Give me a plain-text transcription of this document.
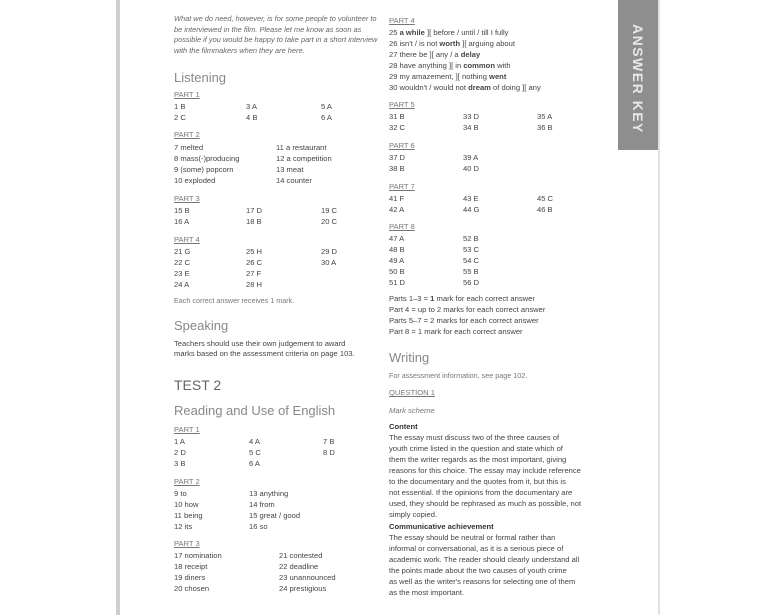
ANSWER KEY
What we do need, however, is for some people to volunteer to be interviewed in the film. Please let me know as soon as possible if you would be happy to take part in a short interview with the filmmakers when they are here.
Listening
PART 1
1 B
2 C
3 A
4 B
5 A
6 A
PART 2
7 melted
8 mass(-)producing
9 (some) popcorn
10 exploded
11 a restaurant
12 a competition
13 meat
14 counter
PART 3
15 B
16 A
17 D
18 B
19 C
20 C
PART 4
21 G
22 C
23 E
24 A
25 H
26 C
27 F
28 H
29 D
30 A
Each correct answer receives 1 mark.
Speaking
Teachers should use their own judgement to award
marks based on the assessment criteria on page 103.
TEST 2
Reading and Use of English
PART 1
1 A
2 D
3 B
4 A
5 C
6 A
7 B
8 D
PART 2
9 to
10 how
11 being
12 its
13 anything
14 from
15 great / good
16 so
PART 3
17 nomination
18 receipt
19 diners
20 chosen
21 contested
22 deadline
23 unannounced
24 prestigious
PART 4
25 a while ][ before / until / till I fully
26 isn't / is not worth ][ arguing about
27 there be ][ any / a delay
28 have anything ][ in common with
29 my amazement, ][ nothing went
30 wouldn't / would not dream of doing ][ any
PART 5
31 B
32 C
33 D
34 B
35 A
36 B
PART 6
37 D
38 B
39 A
40 D
PART 7
41 F
42 A
43 E
44 G
45 C
46 B
PART 8
47 A
48 B
49 A
50 B
51 D
52 B
53 C
54 C
55 B
56 D
Parts 1–3 = 1 mark for each correct answer
Part 4 = up to 2 marks for each correct answer
Parts 5–7 = 2 marks for each correct answer
Part 8 = 1 mark for each correct answer
Writing
For assessment information, see page 102.
QUESTION 1
Mark scheme
Content
The essay must discuss two of the three causes of
youth crime listed in the question and state which of
them the writer regards as the most important, giving
reasons for this choice. The essay may include reference
to the documentary and the quotes from it, but this is
not essential. If the opinions from the documentary are
used, they should be rephrased as much as possible, not
simply copied.
Communicative achievement
The essay should be neutral or formal rather than
informal or conversational, as it is a serious piece of
academic work. The reader should clearly understand all
the points made about the two causes of youth crime
as well as the writer's reasons for selecting one of them
as the most important.
